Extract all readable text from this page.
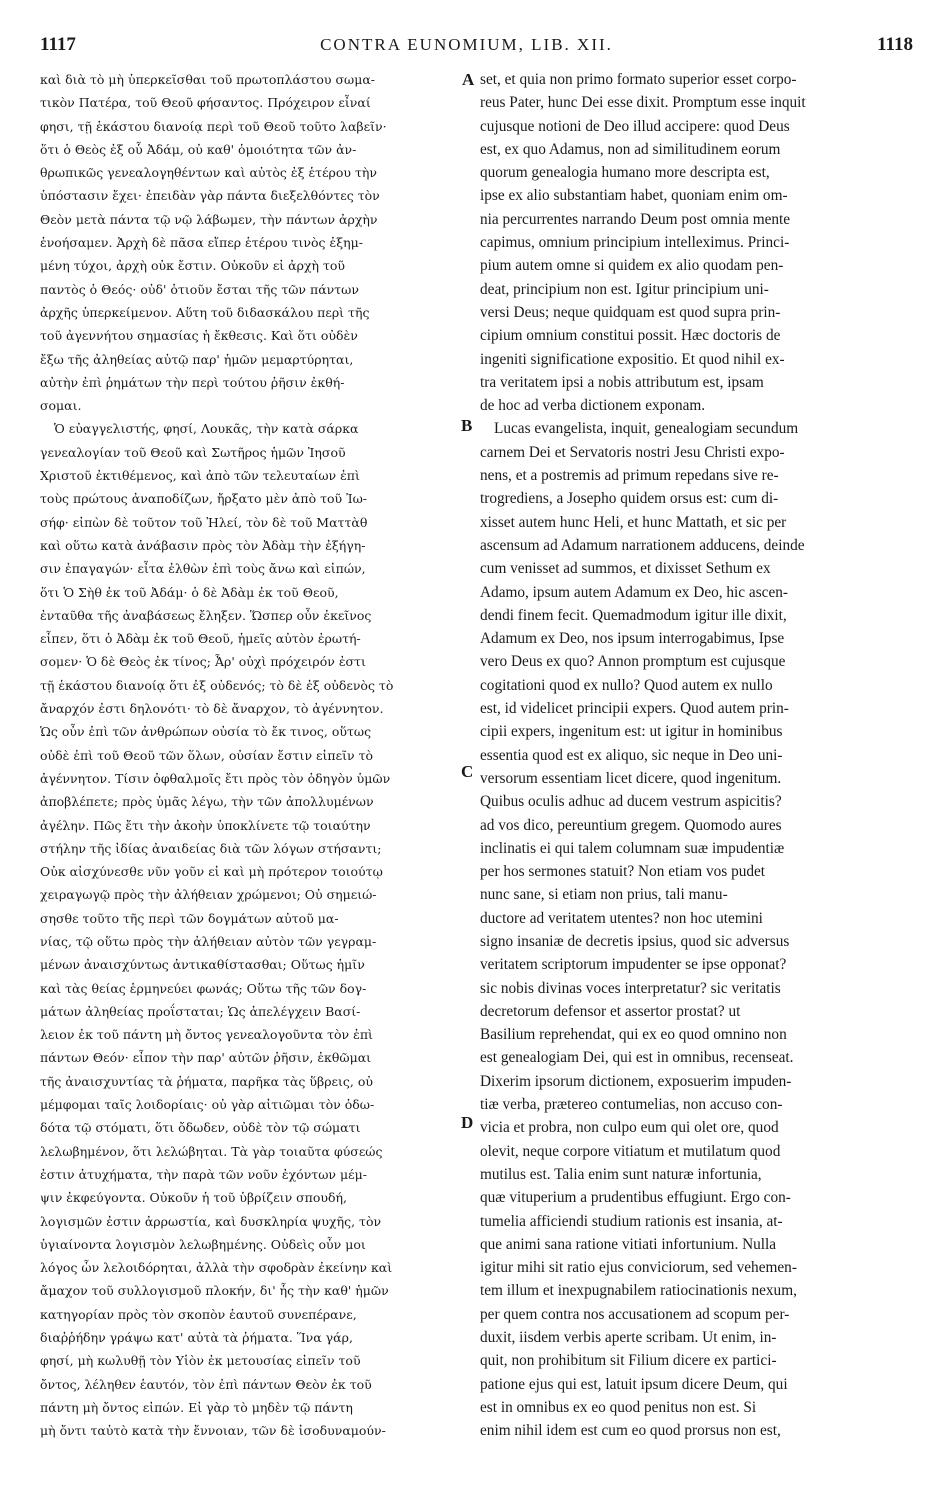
1117	CONTRA EUNOMIUM, LIB. XII.	1118
A
B
C
D
καὶ διὰ τὸ μὴ ὑπερκεῖσθαι τοῦ πρωτοπλάστου σωμα-
τικὸν Πατέρα, τοῦ Θεοῦ φήσαντος. Πρόχειρον εἶναί
φησι, τῇ ἑκάστου διανοίᾳ περὶ τοῦ Θεοῦ τοῦτο λαβεῖν·
ὅτι ὁ Θεὸς ἐξ οὗ Ἀδάμ, οὐ καθ' ὁμοιότητα τῶν ἀν-
θρωπικῶς γενεαλογηθέντων καὶ αὐτὸς ἐξ ἑτέρου τὴν
ὑπόστασιν ἔχει· ἐπειδὰν γὰρ πάντα διεξελθόντες τὸν
Θεὸν μετὰ πάντα τῷ νῷ λάβωμεν, τὴν πάντων ἀρχὴν
ἐνοήσαμεν. Ἀρχὴ δὲ πᾶσα εἴπερ ἑτέρου τινὸς ἐξημ-
μένη τύχοι, ἀρχὴ οὐκ ἔστιν. Οὐκοῦν εἰ ἀρχὴ τοῦ
παντὸς ὁ Θεός· οὐδ' ὁτιοῦν ἔσται τῆς τῶν πάντων
ἀρχῆς ὑπερκείμενον. Αὕτη τοῦ διδασκάλου περὶ τῆς
τοῦ ἀγεννήτου σημασίας ἡ ἔκθεσις. Καὶ ὅτι οὐδὲν
ἔξω τῆς ἀληθείας αὐτῷ παρ' ἡμῶν μεμαρτύρηται,
αὐτὴν ἐπὶ ῥημάτων τὴν περὶ τούτου ῥῆσιν ἐκθή-
σομαι.
Ὁ εὐαγγελιστής, φησί, Λουκᾶς, τὴν κατὰ σάρκα
γενεαλογίαν τοῦ Θεοῦ καὶ Σωτῆρος ἡμῶν Ἰησοῦ
Χριστοῦ ἐκτιθέμενος, καὶ ἀπὸ τῶν τελευταίων ἐπὶ
τοὺς πρώτους ἀναποδίζων, ἤρξατο μὲν ἀπὸ τοῦ Ἰω-
σήφ· εἰπὼν δὲ τοῦτον τοῦ Ἠλεί, τὸν δὲ τοῦ Ματτὰθ
καὶ οὕτω κατὰ ἀνάβασιν πρὸς τὸν Ἀδὰμ τὴν ἐξήγη-
σιν ἐπαγαγών· εἶτα ἐλθὼν ἐπὶ τοὺς ἄνω καὶ εἰπών,
ὅτι Ὁ Σὴθ ἐκ τοῦ Ἀδάμ· ὁ δὲ Ἀδὰμ ἐκ τοῦ Θεοῦ,
ἐνταῦθα τῆς ἀναβάσεως ἔληξεν. Ὥσπερ οὖν ἐκεῖνος
εἶπεν, ὅτι ὁ Ἀδὰμ ἐκ τοῦ Θεοῦ, ἡμεῖς αὐτὸν ἐρωτή-
σομεν· Ὁ δὲ Θεὸς ἐκ τίνος; Ἆρ' οὐχὶ πρόχειρόν ἐστι
τῇ ἑκάστου διανοίᾳ ὅτι ἐξ οὐδενός; τὸ δὲ ἐξ οὐδενὸς τὸ
ἄναρχόν ἐστι δηλονότι· τὸ δὲ ἄναρχον, τὸ ἀγέννητον.
Ὡς οὖν ἐπὶ τῶν ἀνθρώπων οὐσία τὸ ἔκ τινος, οὕτως
οὐδὲ ἐπὶ τοῦ Θεοῦ τῶν ὅλων, οὐσίαν ἔστιν εἰπεῖν τὸ
ἀγέννητον. Τίσιν ὀφθαλμοῖς ἔτι πρὸς τὸν ὁδηγὸν ὑμῶν
ἀποβλέπετε; πρὸς ὑμᾶς λέγω, τὴν τῶν ἀπολλυμένων
ἀγέλην. Πῶς ἔτι τὴν ἀκοὴν ὑποκλίνετε τῷ τοιαύτην
στήλην τῆς ἰδίας ἀναιδείας διὰ τῶν λόγων στήσαντι;
Οὐκ αἰσχύνεσθε νῦν γοῦν εἰ καὶ μὴ πρότερον τοιούτῳ
χειραγωγῷ πρὸς τὴν ἀλήθειαν χρώμενοι; Οὐ σημειώ-
σησθε τοῦτο τῆς περὶ τῶν δογμάτων αὐτοῦ μα-
νίας, τῷ οὕτω πρὸς τὴν ἀλήθειαν αὐτὸν τῶν γεγραμ-
μένων ἀναισχύντως ἀντικαθίστασθαι; Οὕτως ἡμῖν
καὶ τὰς θείας ἑρμηνεύει φωνάς; Οὕτω τῆς τῶν δογ-
μάτων ἀληθείας προΐσταται; Ὡς ἀπελέγχειν Βασί-
λειον ἐκ τοῦ πάντη μὴ ὄντος γενεαλογοῦντα τὸν ἐπὶ
πάντων Θεόν· εἶπον τὴν παρ' αὐτῶν ῥῆσιν, ἐκθῶμαι
τῆς ἀναισχυντίας τὰ ῥήματα, παρῆκα τὰς ὕβρεις, οὐ
μέμφομαι ταῖς λοιδορίαις· οὐ γὰρ αἰτιῶμαι τὸν ὀδω-
δότα τῷ στόματι, ὅτι ὄδωδεν, οὐδὲ τὸν τῷ σώματι
λελωβημένον, ὅτι λελώβηται. Τὰ γὰρ τοιαῦτα φύσεώς
ἐστιν ἀτυχήματα, τὴν παρὰ τῶν νοῦν ἐχόντων μέμ-
ψιν ἐκφεύγοντα. Οὐκοῦν ἡ τοῦ ὑβρίζειν σπουδή,
λογισμῶν ἐστιν ἀρρωστία, καὶ δυσκληρία ψυχῆς, τὸν
ὑγιαίνοντα λογισμὸν λελωβημένης. Οὐδεὶς οὖν μοι
λόγος ὧν λελοιδόρηται, ἀλλὰ τὴν σφοδρὰν ἐκείνην καὶ
ἄμαχον τοῦ συλλογισμοῦ πλοκήν, δι' ἧς τὴν καθ' ἡμῶν
κατηγορίαν πρὸς τὸν σκοπὸν ἑαυτοῦ συνεπέρανε,
διαῤῥήδην γράψω κατ' αὐτὰ τὰ ῥήματα. Ἵνα γάρ,
φησί, μὴ κωλυθῇ τὸν Υἱὸν ἐκ μετουσίας εἰπεῖν τοῦ
ὄντος, λέληθεν ἑαυτόν, τὸν ἐπὶ πάντων Θεὸν ἐκ τοῦ
πάντη μὴ ὄντος εἰπών. Εἰ γὰρ τὸ μηδὲν τῷ πάντη
μὴ ὄντι ταὐτὸ κατὰ τὴν ἔννοιαν, τῶν δὲ ἰσοδυναμούν-
set, et quia non primo formato superior esset corpo-
reus Pater, hunc Dei esse dixit. Promptum esse inquit
cujusque notioni de Deo illud accipere: quod Deus
est, ex quo Adamus, non ad similitudinem eorum
quorum genealogia humano more descripta est,
ipse ex alio substantiam habet, quoniam enim om-
nia percurrentes narrando Deum post omnia mente
capimus, omnium principium intelleximus. Princi-
pium autem omne si quidem ex alio quodam pen-
deat, principium non est. Igitur principium uni-
versi Deus; neque quidquam est quod supra prin-
cipium omnium constitui possit. Hæc doctoris de
ingeniti significatione expositio. Et quod nihil ex-
tra veritatem ipsi a nobis attributum est, ipsam
de hoc ad verba dictionem exponam.
Lucas evangelista, inquit, genealogiam secundum
carnem Dei et Servatoris nostri Jesu Christi expo-
nens, et a postremis ad primum repedans sive re-
trogrediens, a Josepho quidem orsus est: cum di-
xisset autem hunc Heli, et hunc Mattath, et sic per
ascensum ad Adamum narrationem adducens, deinde
cum venisset ad summos, et dixisset Sethum ex
Adamo, ipsum autem Adamum ex Deo, hic ascen-
dendi finem fecit. Quemadmodum igitur ille dixit,
Adamum ex Deo, nos ipsum interrogabimus, Ipse
vero Deus ex quo? Annon promptum est cujusque
cogitationi quod ex nullo? Quod autem ex nullo
est, id videlicet principii expers. Quod autem prin-
cipii expers, ingenitum est: ut igitur in hominibus
essentia quod est ex aliquo, sic neque in Deo uni-
versorum essentiam licet dicere, quod ingenitum.
Quibus oculis adhuc ad ducem vestrum aspicitis?
ad vos dico, pereuntium gregem. Quomodo aures
inclinatis ei qui talem columnam suæ impudentiæ
per hos sermones statuit? Non etiam vos pudet
nunc sane, si etiam non prius, tali manu-
ductore ad veritatem utentes? non hoc utemini
signo insaniæ de decretis ipsius, quod sic adversus
veritatem scriptorum impudenter se ipse opponat?
sic nobis divinas voces interpretatur? sic veritatis
decretorum defensor et assertor prostat? ut
Basilium reprehendat, qui ex eo quod omnino non
est genealogiam Dei, qui est in omnibus, recenseat.
Dixerim ipsorum dictionem, exposuerim impuden-
tiæ verba, prætereo contumelias, non accuso con-
vicia et probra, non culpo eum qui olet ore, quod
olevit, neque corpore vitiatum et mutilatum quod
mutilus est. Talia enim sunt naturæ infortunia,
quæ vituperium a prudentibus effugiunt. Ergo con-
tumelia afficiendi studium rationis est insania, at-
que animi sana ratione vitiati infortunium. Nulla
igitur mihi sit ratio ejus conviciorum, sed vehemen-
tem illum et inexpugnabilem ratiocinationis nexum,
per quem contra nos accusationem ad scopum per-
duxit, iisdem verbis aperte scribam. Ut enim, in-
quit, non prohibitum sit Filium dicere ex partici-
patione ejus qui est, latuit ipsum dicere Deum, qui
est in omnibus ex eo quod penitus non est. Si
enim nihil idem est cum eo quod prorsus non est,
